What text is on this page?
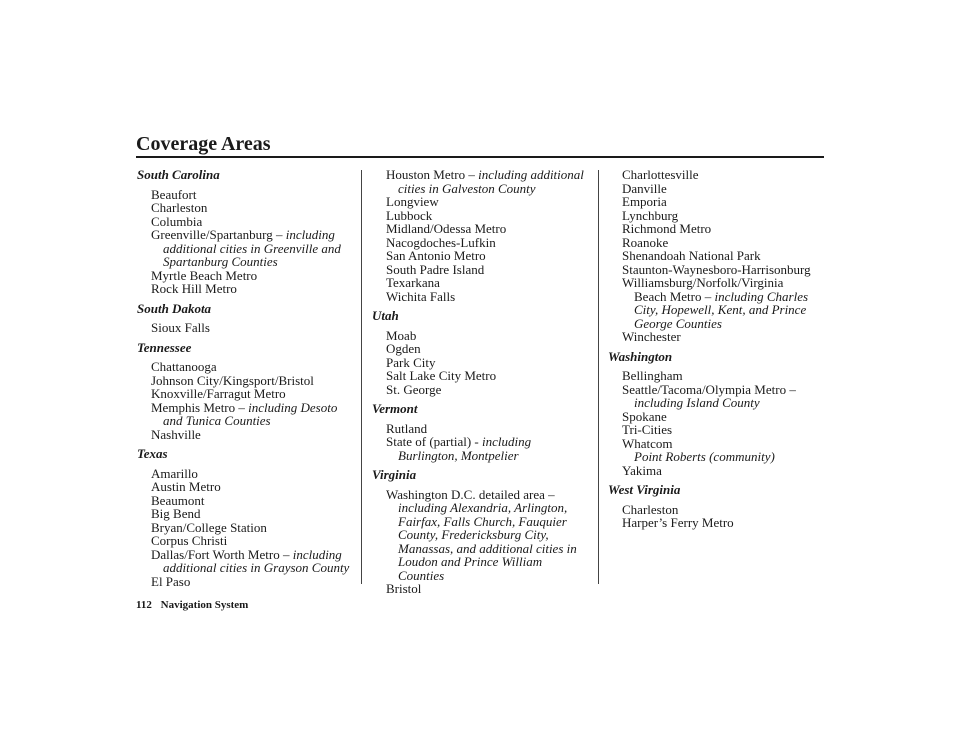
Coverage Areas
South Carolina
Beaufort
Charleston
Columbia
Greenville/Spartanburg – including
additional cities in Greenville and
Spartanburg Counties
Myrtle Beach Metro
Rock Hill Metro
South Dakota
Sioux Falls
Tennessee
Chattanooga
Johnson City/Kingsport/Bristol
Knoxville/Farragut Metro
Memphis Metro – including Desoto
and Tunica Counties
Nashville
Texas
Amarillo
Austin Metro
Beaumont
Big Bend
Bryan/College Station
Corpus Christi
Dallas/Fort Worth Metro – including
additional cities in Grayson County
El Paso
Houston Metro – including additional
cities in Galveston County
Longview
Lubbock
Midland/Odessa Metro
Nacogdoches-Lufkin
San Antonio Metro
South Padre Island
Texarkana
Wichita Falls
Utah
Moab
Ogden
Park City
Salt Lake City Metro
St. George
Vermont
Rutland
State of (partial) - including
Burlington, Montpelier
Virginia
Washington D.C. detailed area –
including Alexandria, Arlington,
Fairfax, Falls Church, Fauquier
County, Fredericksburg City,
Manassas, and additional cities in
Loudon and Prince William
Counties
Bristol
Charlottesville
Danville
Emporia
Lynchburg
Richmond Metro
Roanoke
Shenandoah National Park
Staunton-Waynesboro-Harrisonburg
Williamsburg/Norfolk/Virginia
Beach Metro – including Charles
City, Hopewell, Kent, and Prince
George Counties
Winchester
Washington
Bellingham
Seattle/Tacoma/Olympia Metro –
including Island County
Spokane
Tri-Cities
Whatcom
Point Roberts (community)
Yakima
West Virginia
Charleston
Harper’s Ferry Metro
112 Navigation System
